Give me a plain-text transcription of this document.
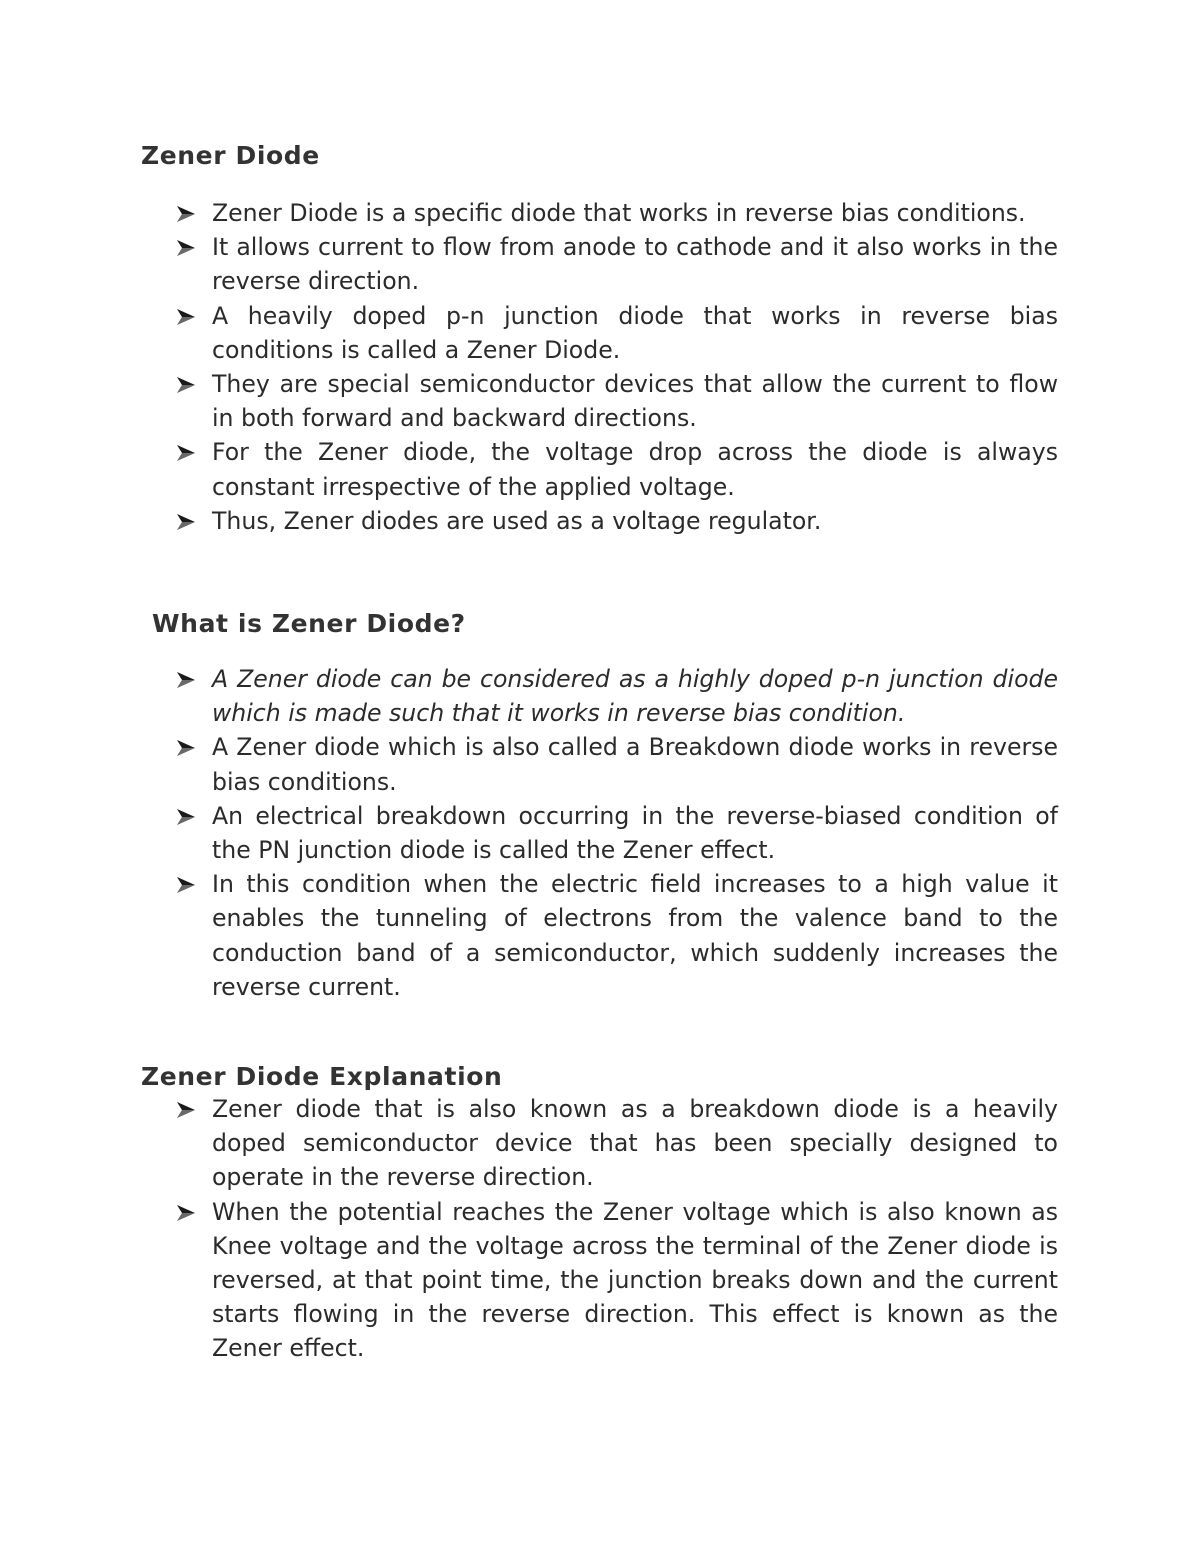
Zener Diode
Zener Diode is a specific diode that works in reverse bias conditions.
It allows current to flow from anode to cathode and it also works in the reverse direction.
A heavily doped p-n junction diode that works in reverse bias conditions is called a Zener Diode.
They are special semiconductor devices that allow the current to flow in both forward and backward directions.
For the Zener diode, the voltage drop across the diode is always constant irrespective of the applied voltage.
Thus, Zener diodes are used as a voltage regulator.
What is Zener Diode?
A Zener diode can be considered as a highly doped p-n junction diode which is made such that it works in reverse bias condition.
A Zener diode which is also called a Breakdown diode works in reverse bias conditions.
An electrical breakdown occurring in the reverse-biased condition of the PN junction diode is called the Zener effect.
In this condition when the electric field increases to a high value it enables the tunneling of electrons from the valence band to the conduction band of a semiconductor, which suddenly increases the reverse current.
Zener Diode Explanation
Zener diode that is also known as a breakdown diode is a heavily doped semiconductor device that has been specially designed to operate in the reverse direction.
When the potential reaches the Zener voltage which is also known as Knee voltage and the voltage across the terminal of the Zener diode is reversed, at that point time, the junction breaks down and the current starts flowing in the reverse direction. This effect is known as the Zener effect.
